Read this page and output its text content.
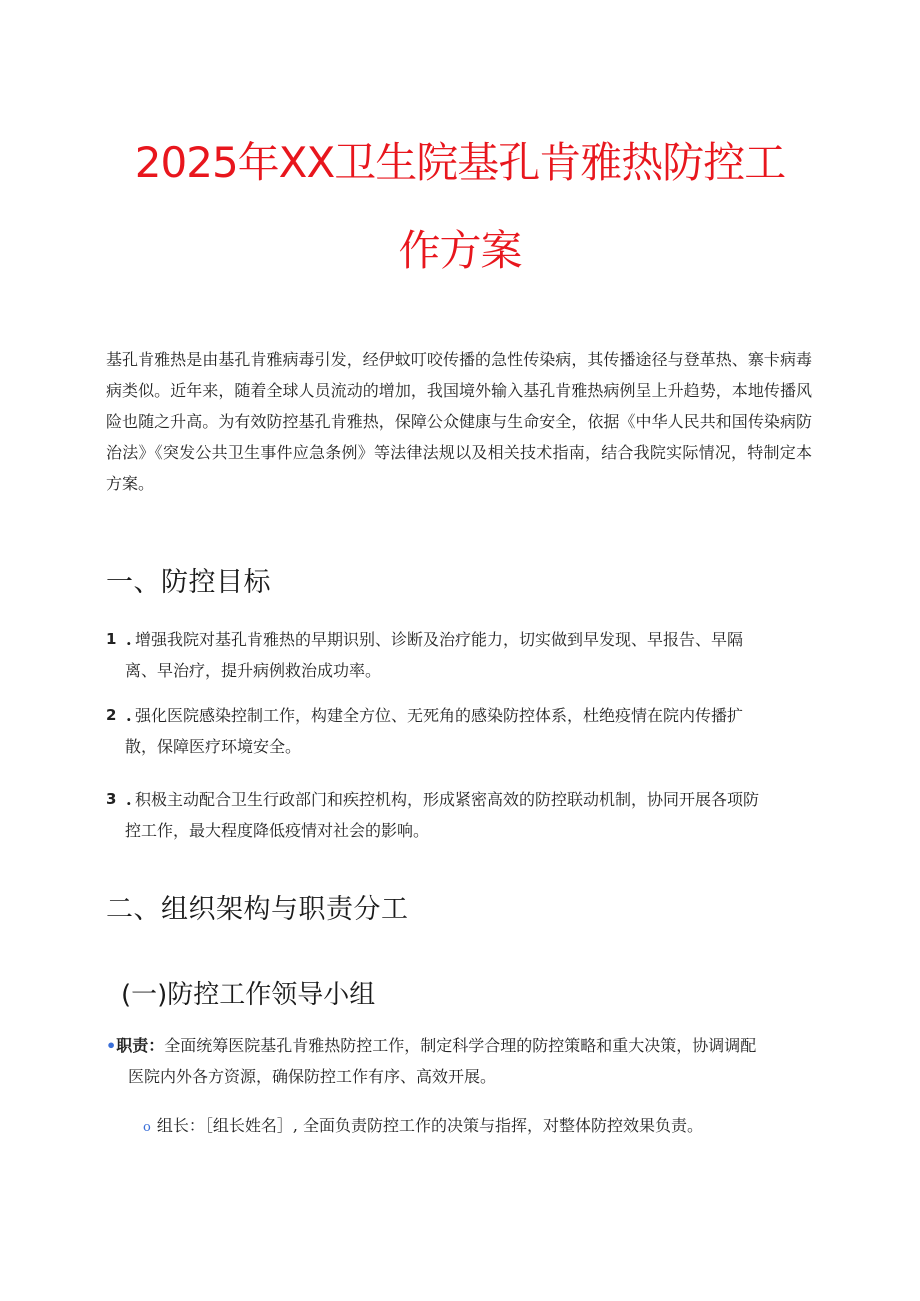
2025年XX卫生院基孔肯雅热防控工
作方案
基孔肯雅热是由基孔肯雅病毒引发，经伊蚊叮咬传播的急性传染病，其传播途径与登革热、寨卡病毒病类似。近年来，随着全球人员流动的增加，我国境外输入基孔肯雅热病例呈上升趋势，本地传播风险也随之升高。为有效防控基孔肯雅热，保障公众健康与生命安全，依据《中华人民共和国传染病防治法》《突发公共卫生事件应急条例》等法律法规以及相关技术指南，结合我院实际情况，特制定本方案。
一、防控目标
1 . 增强我院对基孔肯雅热的早期识别、诊断及治疗能力，切实做到早发现、早报告、早隔
离、早治疗，提升病例救治成功率。
2 . 强化医院感染控制工作，构建全方位、无死角的感染防控体系，杜绝疫情在院内传播扩
散，保障医疗环境安全。
3 . 积极主动配合卫生行政部门和疾控机构，形成紧密高效的防控联动机制，协同开展各项防
控工作，最大程度降低疫情对社会的影响。
二、组织架构与职责分工
(一)防控工作领导小组
•职责：全面统筹医院基孔肯雅热防控工作，制定科学合理的防控策略和重大决策，协调调配
医院内外各方资源，确保防控工作有序、高效开展。
o 组长：［组长姓名］, 全面负责防控工作的决策与指挥，对整体防控效果负责。
